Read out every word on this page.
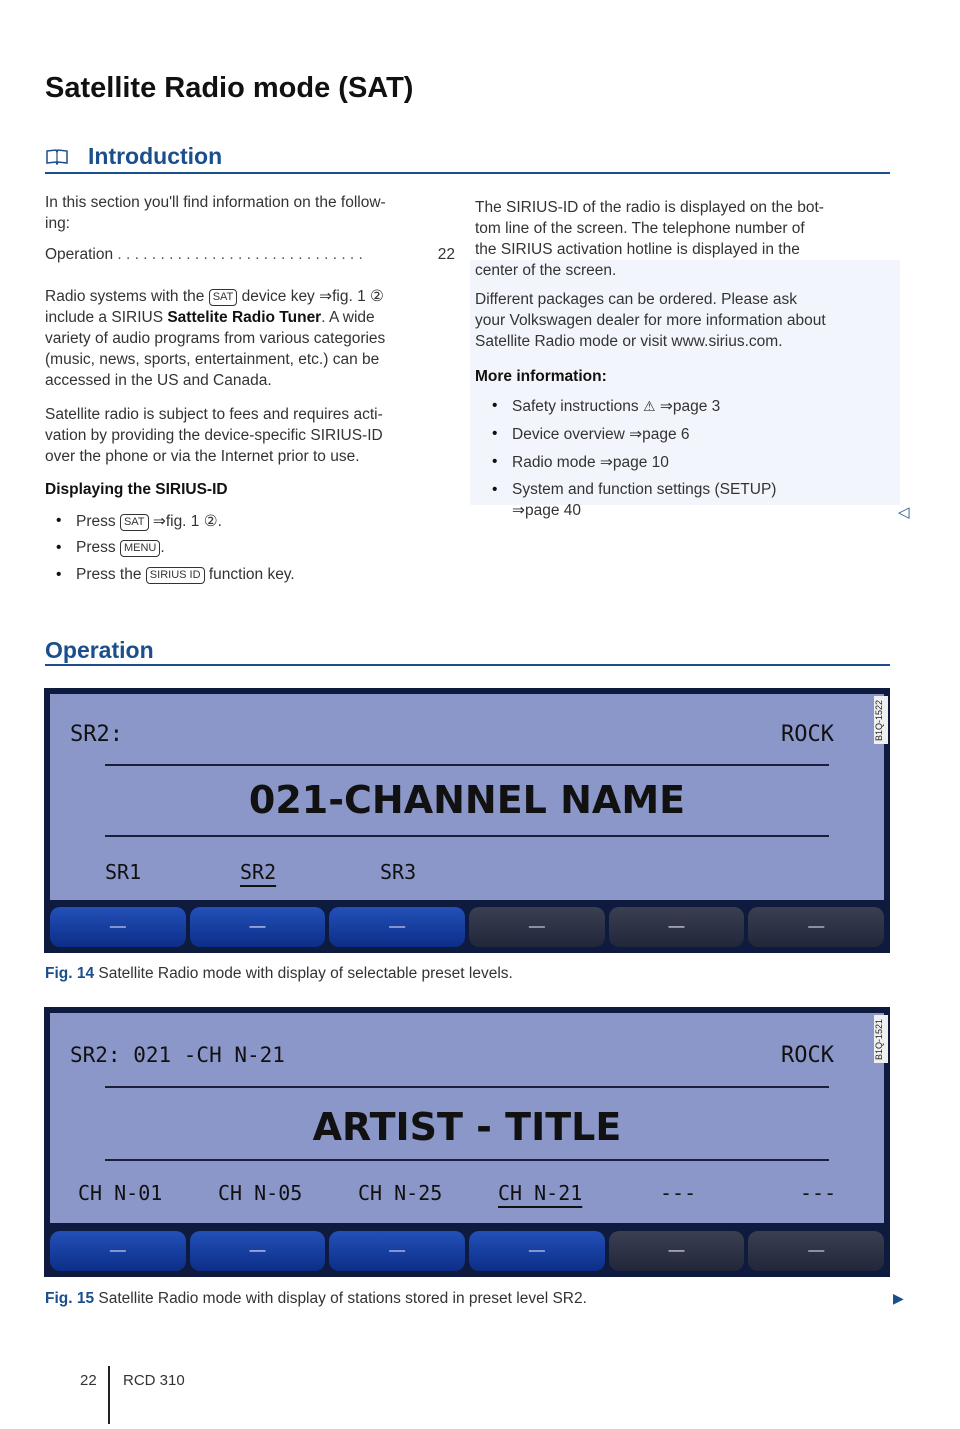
Satellite Radio mode (SAT)
Introduction

In this section you'll find information on the follow-

ing:

Operation . . . . . . . . . . . . . . . . . . . . . . . . . . . . .	22

Radio systems with the SAT device key ⇒fig. 1 ②

include a SIRIUS Sattelite Radio Tuner. A wide

variety of audio programs from various categories

(music, news, sports, entertainment, etc.) can be

accessed in the US and Canada.

Satellite radio is subject to fees and requires acti-

vation by providing the device-specific SIRIUS-ID

over the phone or via the Internet prior to use.

Displaying the SIRIUS-ID
• Press SAT ⇒fig. 1 ②.
• Press MENU .
• Press the SIRIUS ID function key.

The SIRIUS-ID of the radio is displayed on the bot-

tom line of the screen. The telephone number of

the SIRIUS activation hotline is displayed in the

center of the screen.

Different packages can be ordered. Please ask

your Volkswagen dealer for more information about

Satellite Radio mode or visit www.sirius.com.

More information:
• Safety instructions ⚠ ⇒page 3
• Device overview ⇒page 6
• Radio mode ⇒page 10
• System and function settings (SETUP)
⇒page 40	◁
Operation
SR2:	ROCK
021-CHANNEL NAME
SR1	SR2	SR3
B1Q-1522
—	—	—	—	—	—
Fig. 14 Satellite Radio mode with display of selectable preset levels.
SR2: 021 -CH N-21	ROCK
ARTIST - TITLE
CH N-01	CH N-05	CH N-25	CH N-21	---	---
B1Q-1521
—	—	—	—	—	—
Fig. 15 Satellite Radio mode with display of stations stored in preset level SR2.	▶
22 RCD 310
